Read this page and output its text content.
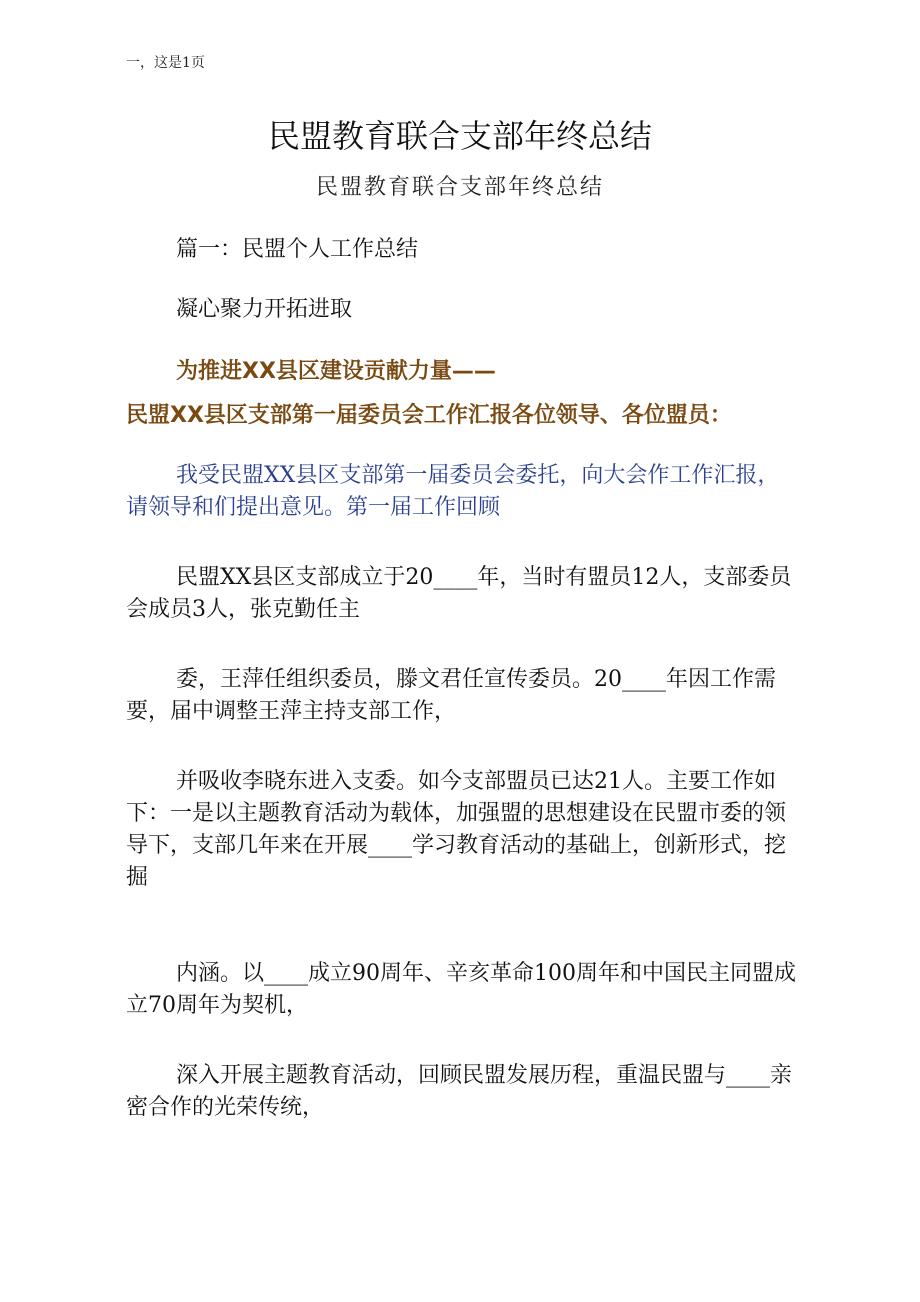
一，这是1页
民盟教育联合支部年终总结
民盟教育联合支部年终总结
篇一：民盟个人工作总结
凝心聚力开拓进取
为推进XX县区建设贡献力量——
民盟XX县区支部第一届委员会工作汇报各位领导、各位盟员：
我受民盟XX县区支部第一届委员会委托，向大会作工作汇报，请领导和们提出意见。第一届工作回顾
民盟XX县区支部成立于20____年，当时有盟员12人，支部委员会成员3人，张克勤任主
委，王萍任组织委员，滕文君任宣传委员。20____年因工作需要，届中调整王萍主持支部工作，
并吸收李晓东进入支委。如今支部盟员已达21人。主要工作如下：一是以主题教育活动为载体，加强盟的思想建设在民盟市委的领导下，支部几年来在开展____学习教育活动的基础上，创新形式，挖掘
内涵。以____成立90周年、辛亥革命100周年和中国民主同盟成立70周年为契机，
深入开展主题教育活动，回顾民盟发展历程，重温民盟与____亲密合作的光荣传统，
